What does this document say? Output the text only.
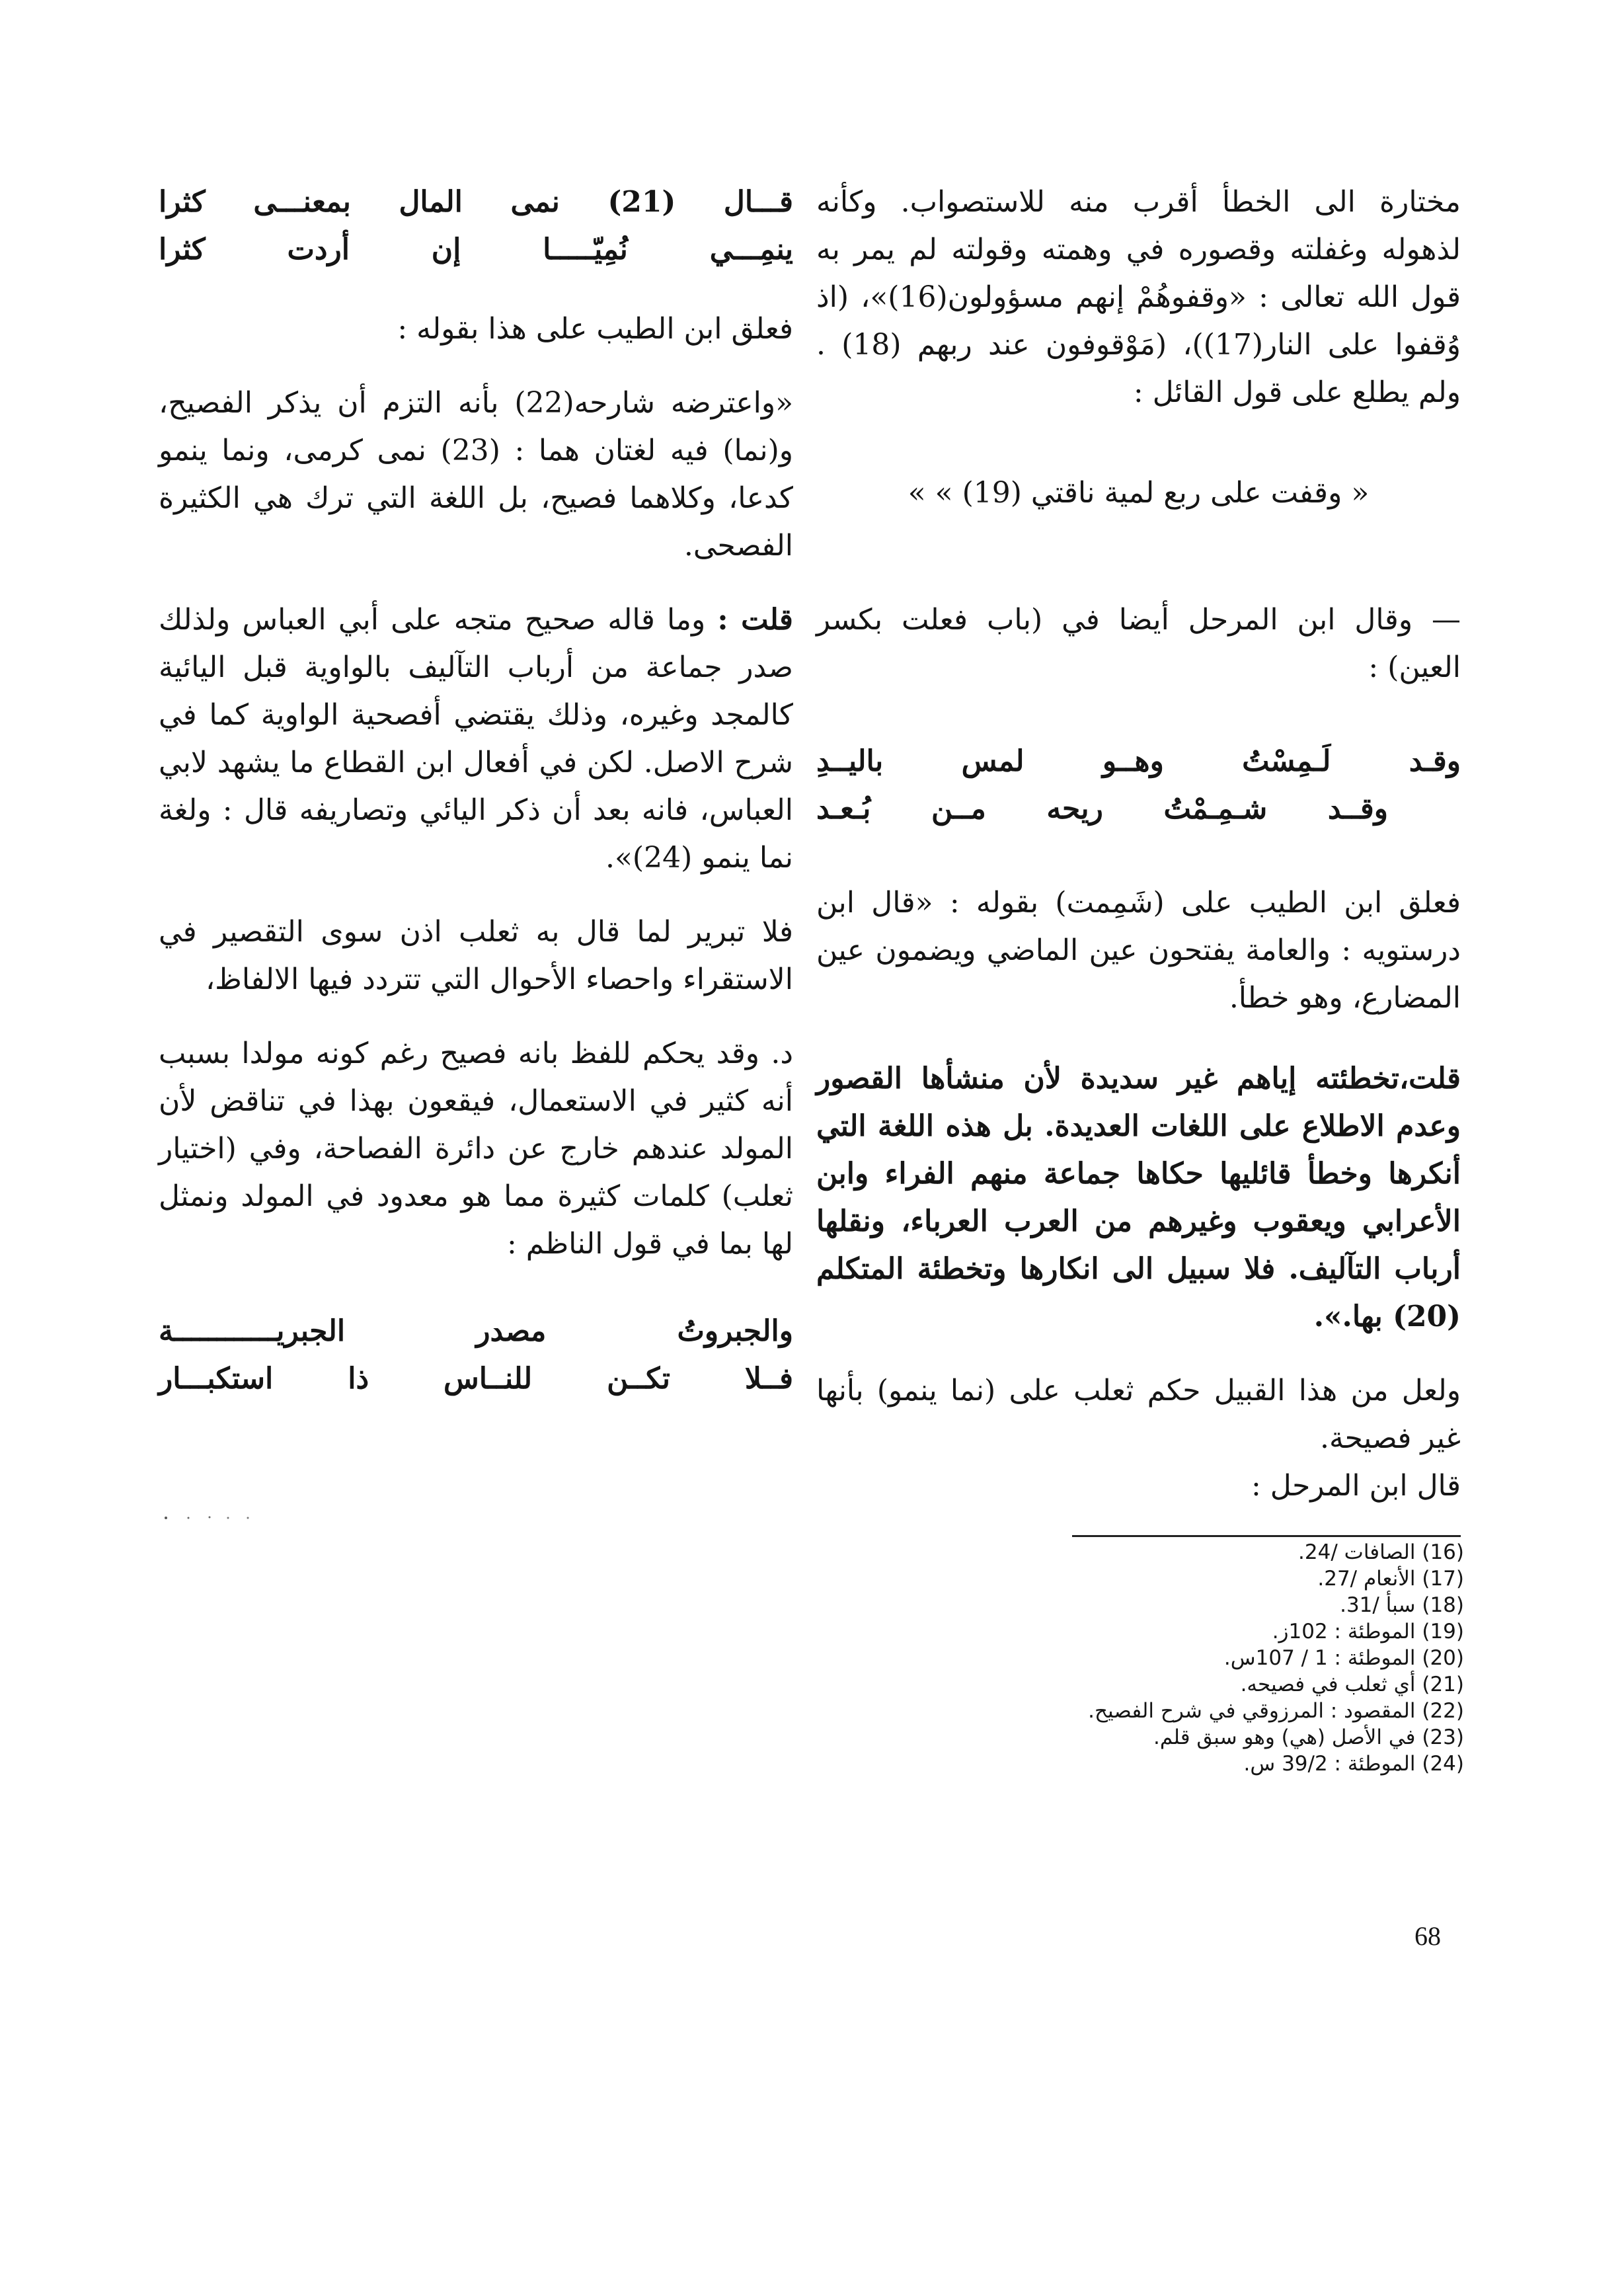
مختارة الى الخطأ أقرب منه للاستصواب. وكأنه لذهوله وغفلته وقصوره في وهمته وقولته لم يمر به قول الله تعالى : «وقفوهُمْ إنهم مسؤولون(16)»، (اذ وُقفوا على النار(17))، (مَوْقوفون عند ربهم (18) . ولم يطلع على قول القائل :

« وقفت على ربع لمية ناقتي (19) » »

— وقال ابن المرحل أيضا في (باب فعلت بكسر العين) :

وقـد لَـمِسْتُ وهــو لمس باليــدِ
وقــد شـمِـمْتُ ريحه مــن بُـعـد

فعلق ابن الطيب على (شَمِمت) بقوله : «قال ابن درستويه : والعامة يفتحون عين الماضي ويضمون عين المضارع، وهو خطأ.

قلت،تخطئته إياهم غير سديدة لأن منشأها القصور وعدم الاطلاع على اللغات العديدة. بل هذه اللغة التي أنكرها وخطأ قائليها حكاها جماعة منهم الفراء وابن الأعرابي ويعقوب وغيرهم من العرب العرباء، ونقلها أرباب التآليف. فلا سبيل الى انكارها وتخطئة المتكلم (20) بها.».

ولعل من هذا القبيل حكم ثعلب على (نما ينمو) بأنها غير فصيحة.

قال ابن المرحل :

قـــال (21) نمى المال بمعنـــى كثرا
ينمِـــي نُمِيّـــــا إن أردت كثرا

فعلق ابن الطيب على هذا بقوله :

«واعترضه شارحه(22) بأنه التزم أن يذكر الفصيح، و(نما) فيه لغتان هما : (23) نمى كرمى، ونما ينمو كدعا، وكلاهما فصيح، بل اللغة التي ترك هي الكثيرة الفصحى.

قلت : وما قاله صحيح متجه على أبي العباس ولذلك صدر جماعة من أرباب التآليف بالواوية قبل اليائية كالمجد وغيره، وذلك يقتضي أفصحية الواوية كما في شرح الاصل. لكن في أفعال ابن القطاع ما يشهد لابي العباس، فانه بعد أن ذكر اليائي وتصاريفه قال : ولغة نما ينمو (24)».

فلا تبرير لما قال به ثعلب اذن سوى التقصير في الاستقراء واحصاء الأحوال التي تتردد فيها الالفاظ،

د. وقد يحكم للفظ بانه فصيح رغم كونه مولدا بسبب أنه كثير في الاستعمال، فيقعون بهذا في تناقض لأن المولد عندهم خارج عن دائرة الفصاحة، وفي (اختيار ثعلب) كلمات كثيرة مما هو معدود في المولد ونمثل لها بما في قول الناظم :

والجبروتُ مصدر الجبريــــــــــــة
فــلا تكــن للنــاس ذا استكبـــار
(16) الصافات /24.
(17) الأنعام /27.
(18) سبأ /31.
(19) الموطئة : 102ز.
(20) الموطئة : 1 / 107س.
(21) أي ثعلب في فصيحه.
(22) المقصود : المرزوقي في شرح الفصيح.
(23) في الأصل (هي) وهو سبق قلم.
(24) الموطئة : 39/2 س.
68
